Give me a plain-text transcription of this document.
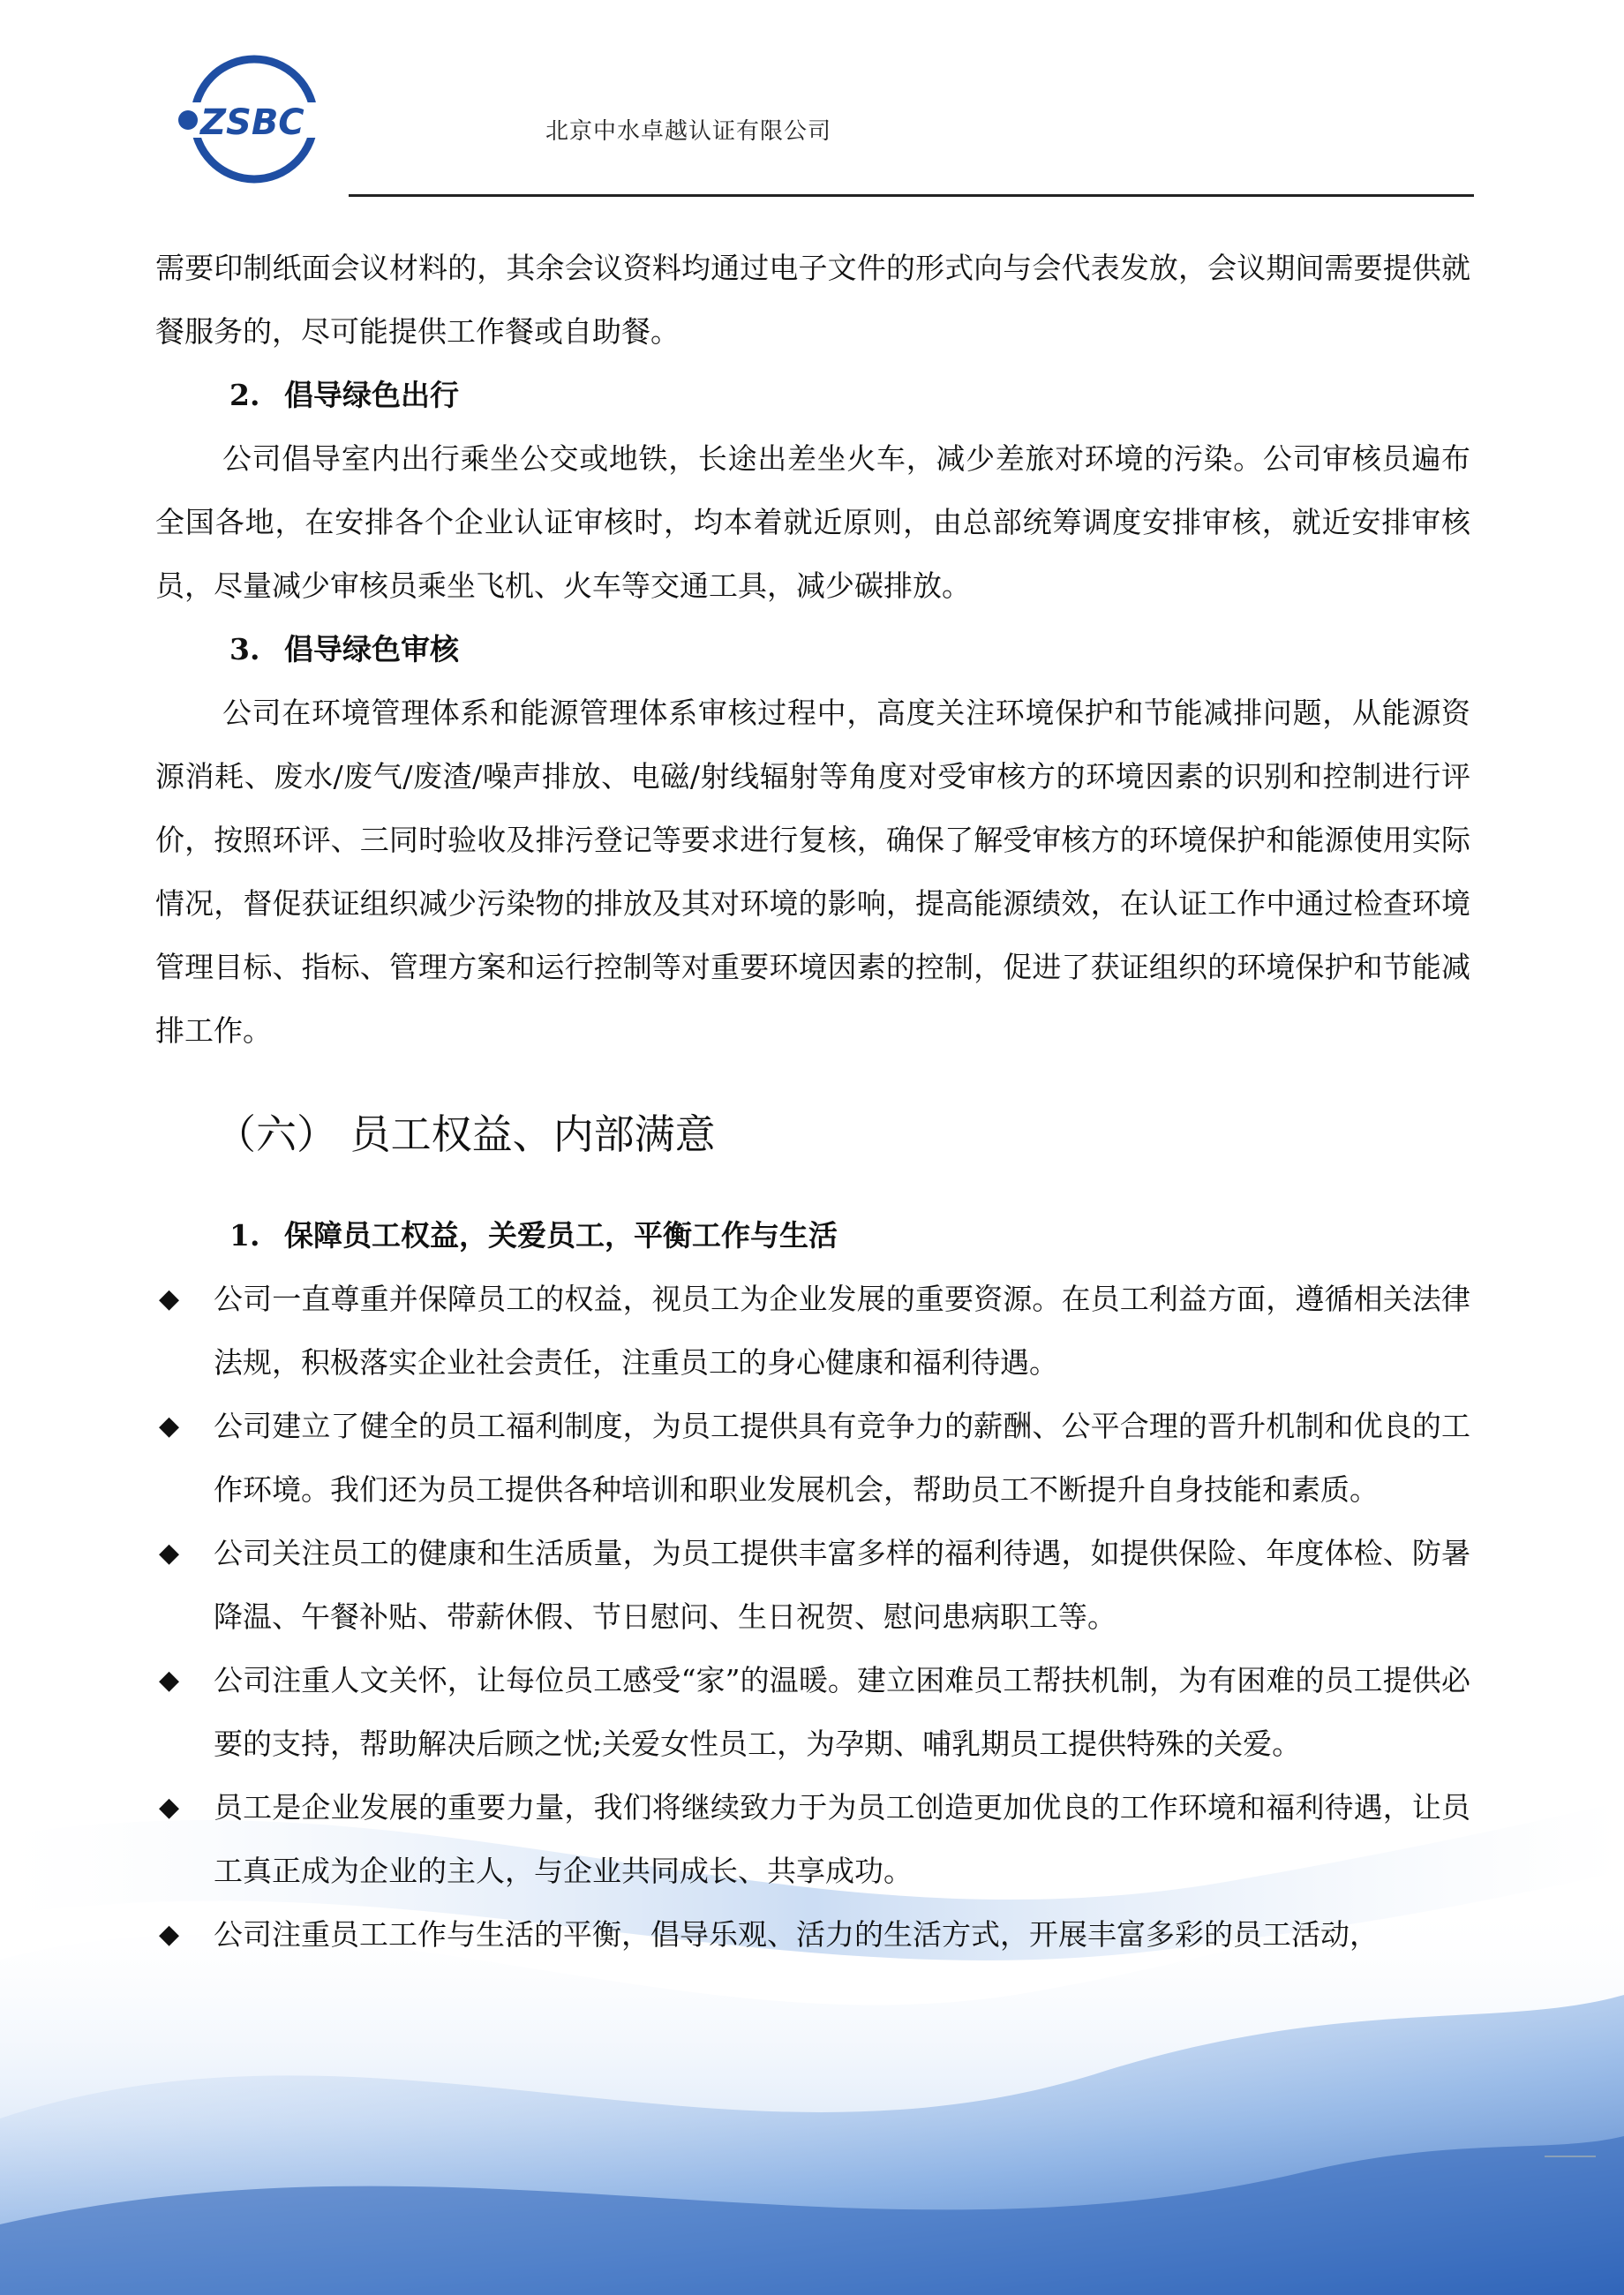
ZSBC	北京中水卓越认证有限公司

需要印制纸面会议材料的，其余会议资料均通过电子文件的形式向与会代表发放，会议期间需要提供就餐服务的，尽可能提供工作餐或自助餐。

2. 倡导绿色出行

公司倡导室内出行乘坐公交或地铁，长途出差坐火车，减少差旅对环境的污染。公司审核员遍布全国各地，在安排各个企业认证审核时，均本着就近原则，由总部统筹调度安排审核，就近安排审核员，尽量减少审核员乘坐飞机、火车等交通工具，减少碳排放。

3. 倡导绿色审核

公司在环境管理体系和能源管理体系审核过程中，高度关注环境保护和节能减排问题，从能源资源消耗、废水/废气/废渣/噪声排放、电磁/射线辐射等角度对受审核方的环境因素的识别和控制进行评价，按照环评、三同时验收及排污登记等要求进行复核，确保了解受审核方的环境保护和能源使用实际情况，督促获证组织减少污染物的排放及其对环境的影响，提高能源绩效，在认证工作中通过检查环境管理目标、指标、管理方案和运行控制等对重要环境因素的控制，促进了获证组织的环境保护和节能减排工作。

（六） 员工权益、内部满意
1. 保障员工权益，关爱员工，平衡工作与生活
◆ 公司一直尊重并保障员工的权益，视员工为企业发展的重要资源。在员工利益方面，遵循相关法律法规，积极落实企业社会责任，注重员工的身心健康和福利待遇。
◆ 公司建立了健全的员工福利制度，为员工提供具有竞争力的薪酬、公平合理的晋升机制和优良的工作环境。我们还为员工提供各种培训和职业发展机会，帮助员工不断提升自身技能和素质。
◆ 公司关注员工的健康和生活质量，为员工提供丰富多样的福利待遇，如提供保险、年度体检、防暑降温、午餐补贴、带薪休假、节日慰问、生日祝贺、慰问患病职工等。
◆ 公司注重人文关怀，让每位员工感受“家”的温暖。建立困难员工帮扶机制，为有困难的员工提供必要的支持，帮助解决后顾之忧;关爱女性员工，为孕期、哺乳期员工提供特殊的关爱。
◆ 员工是企业发展的重要力量，我们将继续致力于为员工创造更加优良的工作环境和福利待遇，让员工真正成为企业的主人，与企业共同成长、共享成功。
◆ 公司注重员工工作与生活的平衡，倡导乐观、活力的生活方式，开展丰富多彩的员工活动，
